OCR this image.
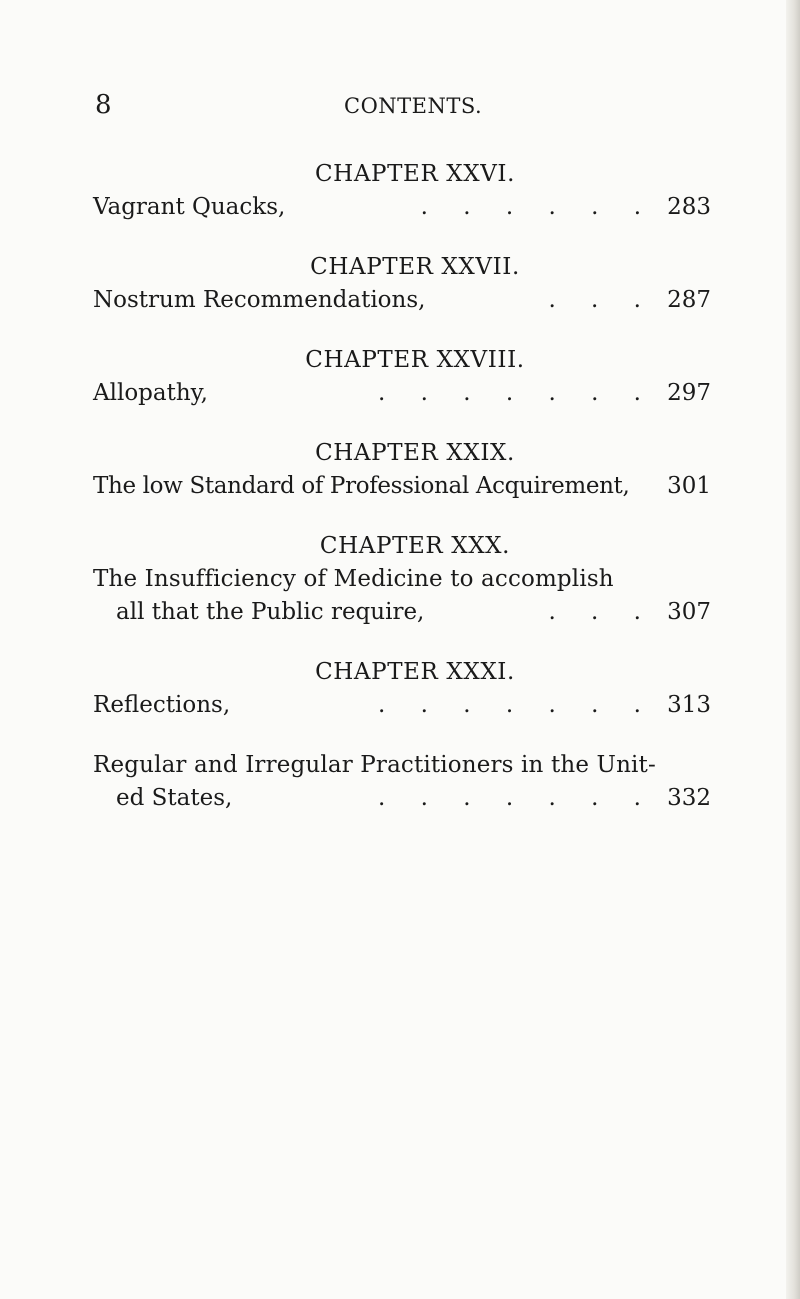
8	CONTENTS.
CHAPTER XXVI.
Vagrant Quacks,	. . . . . .	283
CHAPTER XXVII.
Nostrum Recommendations,	. . .	287
CHAPTER XXVIII.
Allopathy,	. . . . . . .	297
CHAPTER XXIX.
The low Standard of Professional Acquirement, 301
CHAPTER XXX.
The Insufficiency of Medicine to accomplish
all that the Public require,	. . .	307
CHAPTER XXXI.
Reflections,	. . . . . . .	313
Regular and Irregular Practitioners in the Unit-
ed States,	. . . . . . .	332
